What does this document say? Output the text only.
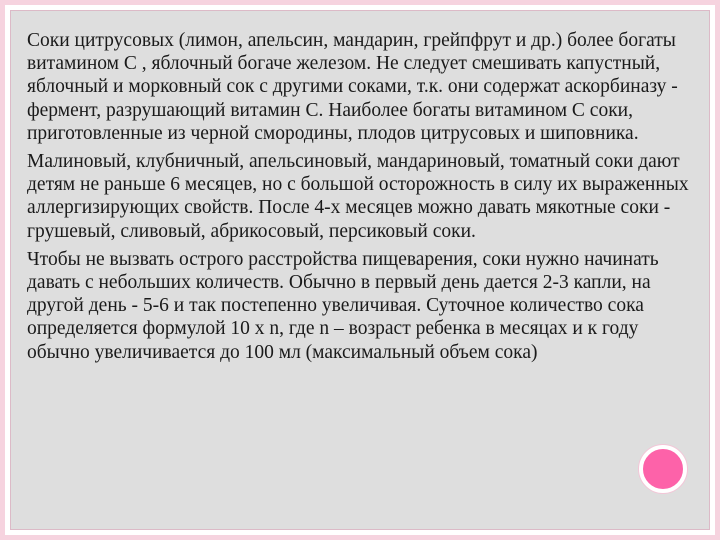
Соки цитрусовых (лимон, апельсин, мандарин, грейпфрут и др.) более богаты витамином С , яблочный богаче железом. Не следует смешивать капустный, яблочный и морковный сок с другими соками, т.к. они содержат аскорбиназу - фермент, разрушающий витамин С. Наиболее богаты витамином С соки, приготовленные из черной смородины, плодов цитрусовых и шиповника.

Малиновый, клубничный, апельсиновый, мандариновый, томатный соки дают детям не раньше 6 месяцев, но с большой осторожность в силу их выраженных аллергизирующих свойств. После 4-х месяцев можно давать мякотные соки - грушевый, сливовый, абрикосовый, персиковый соки.

Чтобы не вызвать острого расстройства пищеварения, соки нужно начинать давать с небольших количеств. Обычно в первый день дается 2-3 капли, на другой день - 5-6 и так постепенно увеличивая. Суточное количество сока определяется формулой 10 х n, где n – возраст ребенка в месяцах и к году обычно увеличивается до 100 мл (максимальный объем сока)
